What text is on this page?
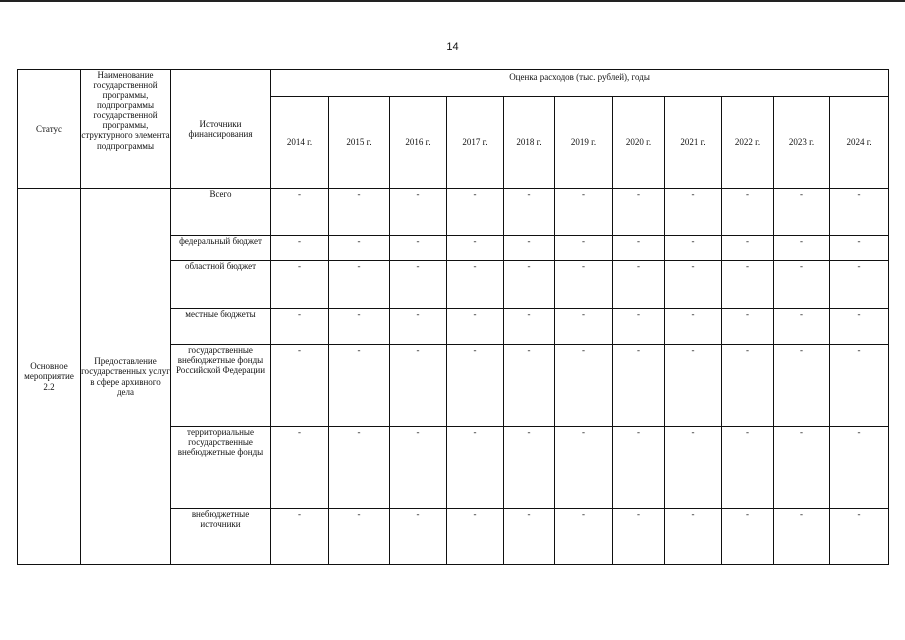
14
Статус	Наименование государственной программы, подпрограммы государственной программы, структурного элемента подпрограммы	Источники финансирования	Оценка расходов (тыс. рублей), годы										
			2014 г.	2015 г.	2016 г.	2017 г.	2018 г.	2019 г.	2020 г.	2021 г.	2022 г.	2023 г.	2024 г.
Основное мероприятие 2.2	Предоставление государственных услуг в сфере архивного дела	Всего	-	-	-	-	-	-	-	-	-	-	-
		федеральный бюджет	-	-	-	-	-	-	-	-	-	-	-
		областной бюджет	-	-	-	-	-	-	-	-	-	-	-
		местные бюджеты	-	-	-	-	-	-	-	-	-	-	-
		государственные внебюджетные фонды Российской Федерации	-	-	-	-	-	-	-	-	-	-	-
		территориальные государственные внебюджетные фонды	-	-	-	-	-	-	-	-	-	-	-
		внебюджетные источники	-	-	-	-	-	-	-	-	-	-	-
